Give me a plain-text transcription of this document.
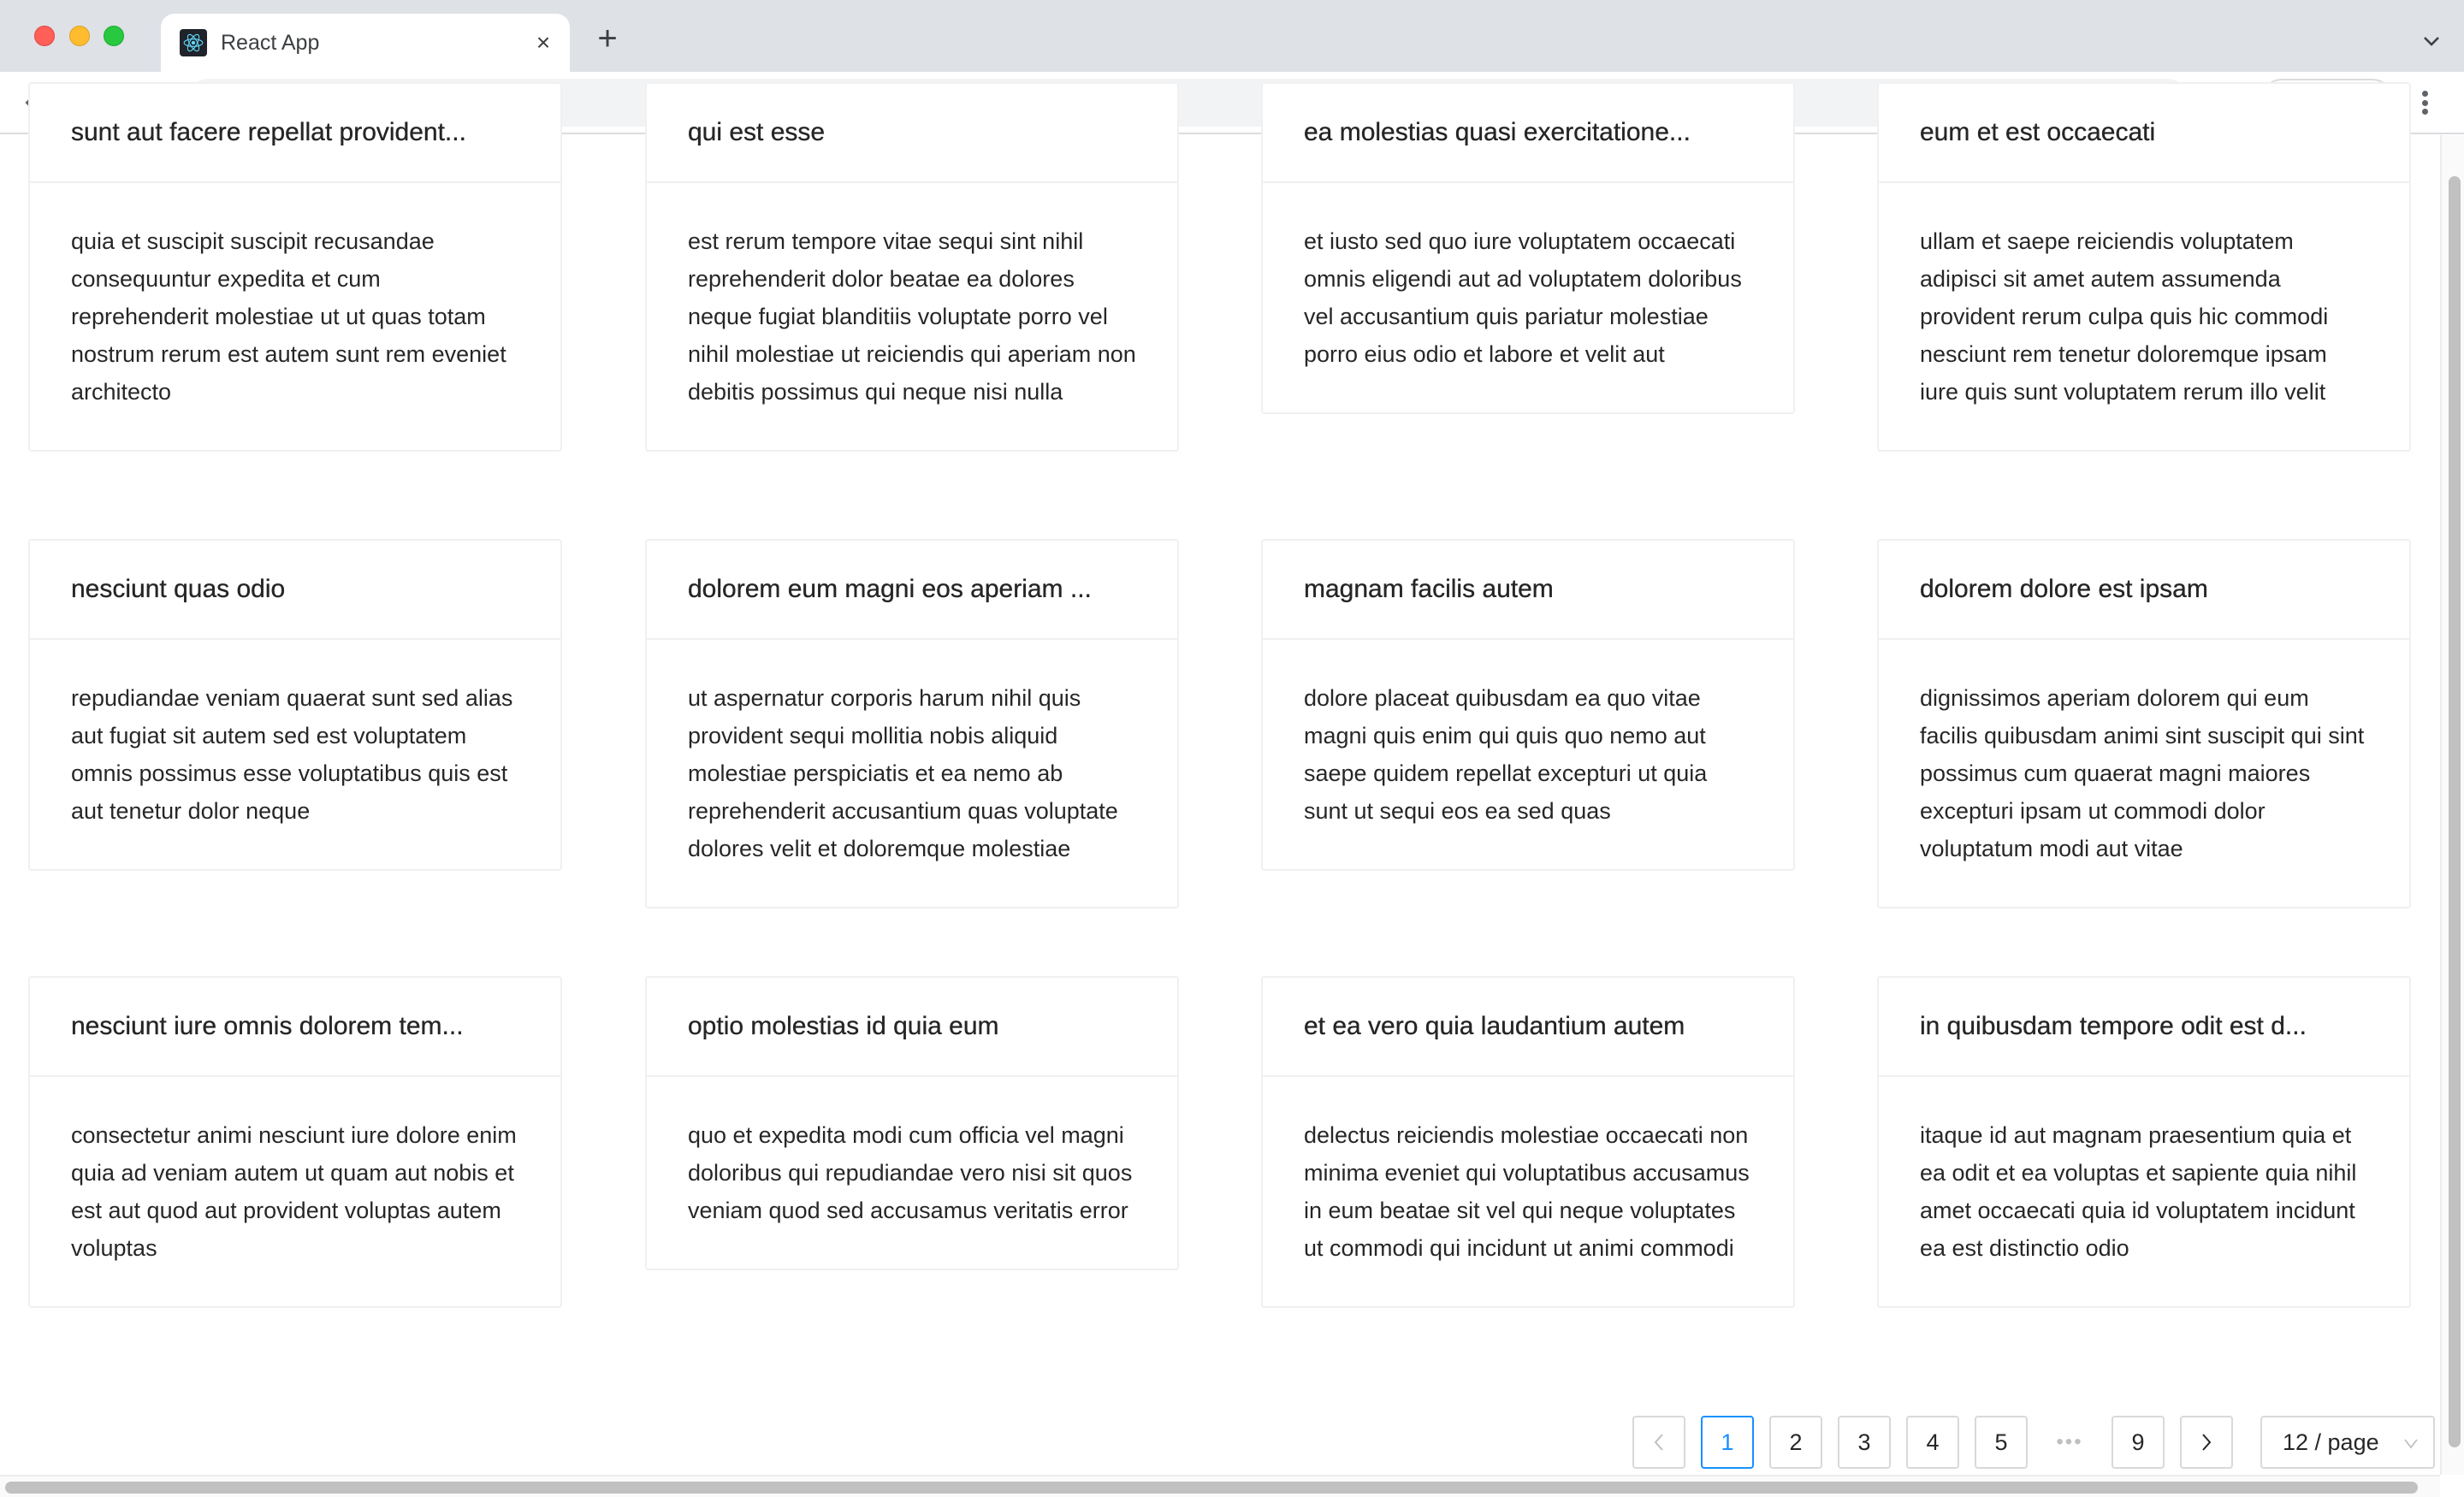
React App	× +
sunt aut facere repellat provident...

quia et suscipit suscipit recusandae consequuntur expedita et cum reprehenderit molestiae ut ut quas totam nostrum rerum est autem sunt rem eveniet architecto

qui est esse

est rerum tempore vitae sequi sint nihil reprehenderit dolor beatae ea dolores neque fugiat blanditiis voluptate porro vel nihil molestiae ut reiciendis qui aperiam non debitis possimus qui neque nisi nulla

ea molestias quasi exercitatione...

et iusto sed quo iure voluptatem occaecati omnis eligendi aut ad voluptatem doloribus vel accusantium quis pariatur molestiae porro eius odio et labore et velit aut

eum et est occaecati

ullam et saepe reiciendis voluptatem adipisci sit amet autem assumenda provident rerum culpa quis hic commodi nesciunt rem tenetur doloremque ipsam iure quis sunt voluptatem rerum illo velit

nesciunt quas odio

repudiandae veniam quaerat sunt sed alias aut fugiat sit autem sed est voluptatem omnis possimus esse voluptatibus quis est aut tenetur dolor neque

dolorem eum magni eos aperiam ...

ut aspernatur corporis harum nihil quis provident sequi mollitia nobis aliquid molestiae perspiciatis et ea nemo ab reprehenderit accusantium quas voluptate dolores velit et doloremque molestiae

magnam facilis autem

dolore placeat quibusdam ea quo vitae magni quis enim qui quis quo nemo aut saepe quidem repellat excepturi ut quia sunt ut sequi eos ea sed quas

dolorem dolore est ipsam

dignissimos aperiam dolorem qui eum facilis quibusdam animi sint suscipit qui sint possimus cum quaerat magni maiores excepturi ipsam ut commodi dolor voluptatum modi aut vitae

nesciunt iure omnis dolorem tem...

consectetur animi nesciunt iure dolore enim quia ad veniam autem ut quam aut nobis et est aut quod aut provident voluptas autem voluptas

optio molestias id quia eum

quo et expedita modi cum officia vel magni doloribus qui repudiandae vero nisi sit quos veniam quod sed accusamus veritatis error

et ea vero quia laudantium autem

delectus reiciendis molestiae occaecati non minima eveniet qui voluptatibus accusamus in eum beatae sit vel qui neque voluptates ut commodi qui incidunt ut animi commodi

in quibusdam tempore odit est d...

itaque id aut magnam praesentium quia et ea odit et ea voluptas et sapiente quia nihil amet occaecati quia id voluptatem incidunt ea est distinctio odio

1	2	3	4	5	•••	9	12 / page
